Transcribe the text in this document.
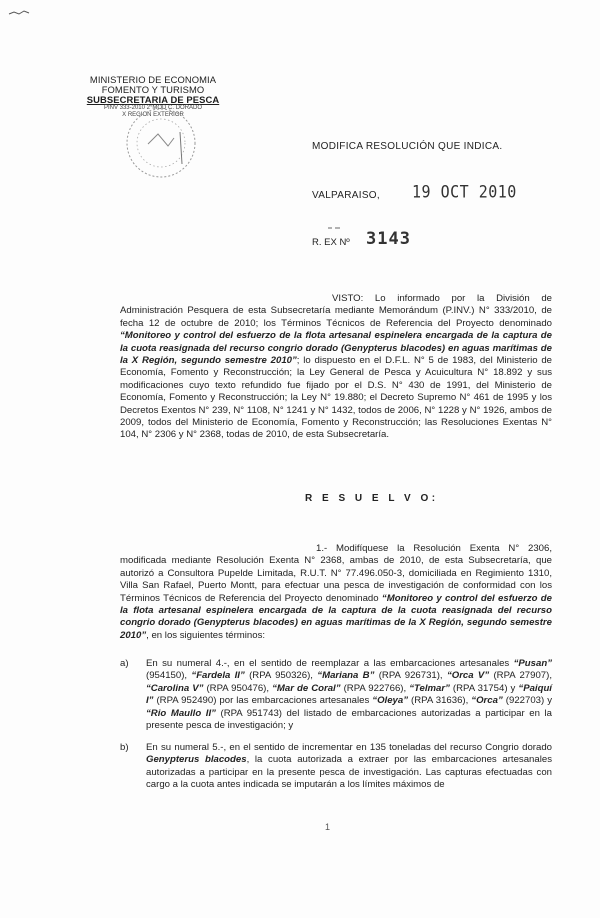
MINISTERIO DE ECONOMIA
FOMENTO Y TURISMO
SUBSECRETARIA DE PESCA
PINV 333-2010 2°MOD C. DORADO
X REGION EXTERIOR
MODIFICA RESOLUCIÓN QUE INDICA.
VALPARAISO, 19 OCT 2010
R. EX Nº 3143
VISTO: Lo informado por la División de Administración Pesquera de esta Subsecretaría mediante Memorándum (P.INV.) N° 333/2010, de fecha 12 de octubre de 2010; los Términos Técnicos de Referencia del Proyecto denominado “Monitoreo y control del esfuerzo de la flota artesanal espinelera encargada de la captura de la cuota reasignada del recurso congrio dorado (Genypterus blacodes) en aguas marítimas de la X Región, segundo semestre 2010”; lo dispuesto en el D.F.L. N° 5 de 1983, del Ministerio de Economía, Fomento y Reconstrucción; la Ley General de Pesca y Acuicultura N° 18.892 y sus modificaciones cuyo texto refundido fue fijado por el D.S. N° 430 de 1991, del Ministerio de Economía, Fomento y Reconstrucción; la Ley N° 19.880; el Decreto Supremo N° 461 de 1995 y los Decretos Exentos N° 239, N° 1108, N° 1241 y N° 1432, todos de 2006, N° 1228 y N° 1926, ambos de 2009, todos del Ministerio de Economía, Fomento y Reconstrucción; las Resoluciones Exentas N° 104, N° 2306 y N° 2368, todas de 2010, de esta Subsecretaría.
R E S U E L V O:
1.- Modifíquese la Resolución Exenta N° 2306, modificada mediante Resolución Exenta N° 2368, ambas de 2010, de esta Subsecretaría, que autorizó a Consultora Pupelde Limitada, R.U.T. N° 77.496.050-3, domiciliada en Regimiento 1310, Villa San Rafael, Puerto Montt, para efectuar una pesca de investigación de conformidad con los Términos Técnicos de Referencia del Proyecto denominado “Monitoreo y control del esfuerzo de la flota artesanal espinelera encargada de la captura de la cuota reasignada del recurso congrio dorado (Genypterus blacodes) en aguas marítimas de la X Región, segundo semestre 2010”, en los siguientes términos:
a) En su numeral 4.-, en el sentido de reemplazar a las embarcaciones artesanales “Pusan” (954150), “Fardela II” (RPA 950326), “Mariana B” (RPA 926731), “Orca V” (RPA 27907), “Carolina V” (RPA 950476), “Mar de Coral” (RPA 922766), “Telmar” (RPA 31754) y “Paiquí I” (RPA 952490) por las embarcaciones artesanales “Oleya” (RPA 31636), “Orca” (922703) y “Rio Maullo II” (RPA 951743) del listado de embarcaciones autorizadas a participar en la presente pesca de investigación; y
b) En su numeral 5.-, en el sentido de incrementar en 135 toneladas del recurso Congrio dorado Genypterus blacodes, la cuota autorizada a extraer por las embarcaciones artesanales autorizadas a participar en la presente pesca de investigación. Las capturas efectuadas con cargo a la cuota antes indicada se imputarán a los límites máximos de
1
